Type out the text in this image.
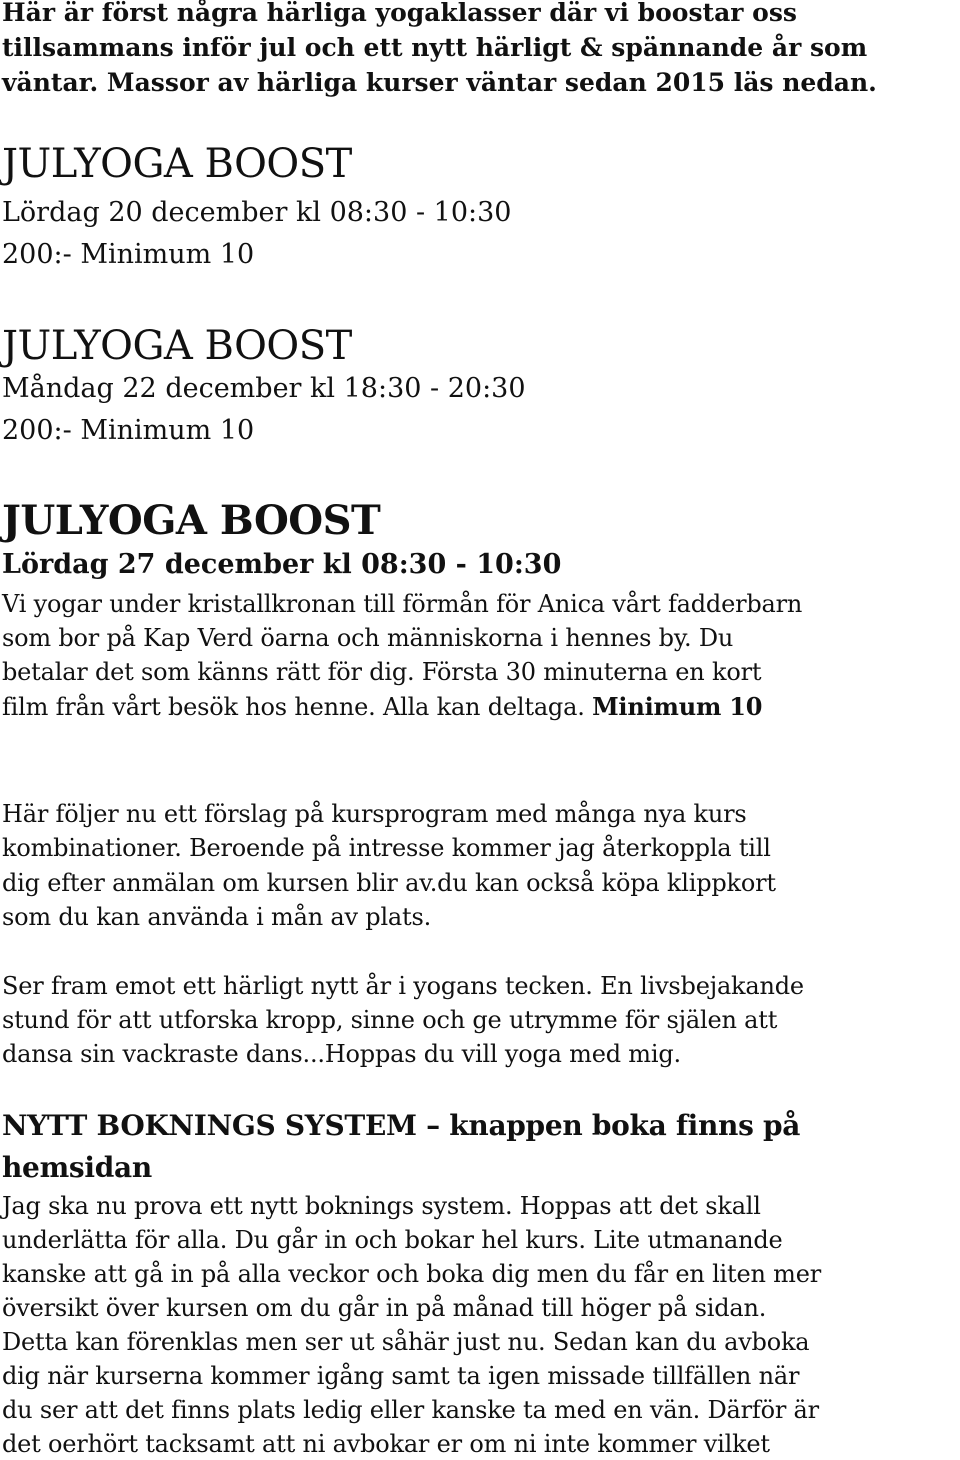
Här är först några härliga yogaklasser där vi boostar oss
tillsammans inför jul och ett nytt härligt & spännande år som
väntar. Massor av härliga kurser väntar sedan 2015 läs nedan.
JULYOGA BOOST
Lördag 20 december kl 08:30 - 10:30
200:- Minimum 10
JULYOGA BOOST
Måndag 22 december kl 18:30 - 20:30
200:- Minimum 10
JULYOGA BOOST
Lördag 27 december kl 08:30 - 10:30
Vi yogar under kristallkronan till förmån för Anica vårt fadderbarn
som bor på Kap Verd öarna och människorna i hennes by. Du
betalar det som känns rätt för dig. Första 30 minuterna en kort
film från vårt besök hos henne. Alla kan deltaga. Minimum 10
Här följer nu ett förslag på kursprogram med många nya kurs
kombinationer. Beroende på intresse kommer jag återkoppla till
dig efter anmälan om kursen blir av.du kan också köpa klippkort
som du kan använda i mån av plats.
Ser fram emot ett härligt nytt år i yogans tecken. En livsbejakande
stund för att utforska kropp, sinne och ge utrymme för själen att
dansa sin vackraste dans...Hoppas du vill yoga med mig.
NYTT BOKNINGS SYSTEM – knappen boka finns på
hemsidan
Jag ska nu prova ett nytt boknings system. Hoppas att det skall
underlätta för alla. Du går in och bokar hel kurs. Lite utmanande
kanske att gå in på alla veckor och boka dig men du får en liten mer
översikt över kursen om du går in på månad till höger på sidan.
Detta kan förenklas men ser ut såhär just nu. Sedan kan du avboka
dig när kurserna kommer igång samt ta igen missade tillfällen när
du ser att det finns plats ledig eller kanske ta med en vän. Därför är
det oerhört tacksamt att ni avbokar er om ni inte kommer vilket
